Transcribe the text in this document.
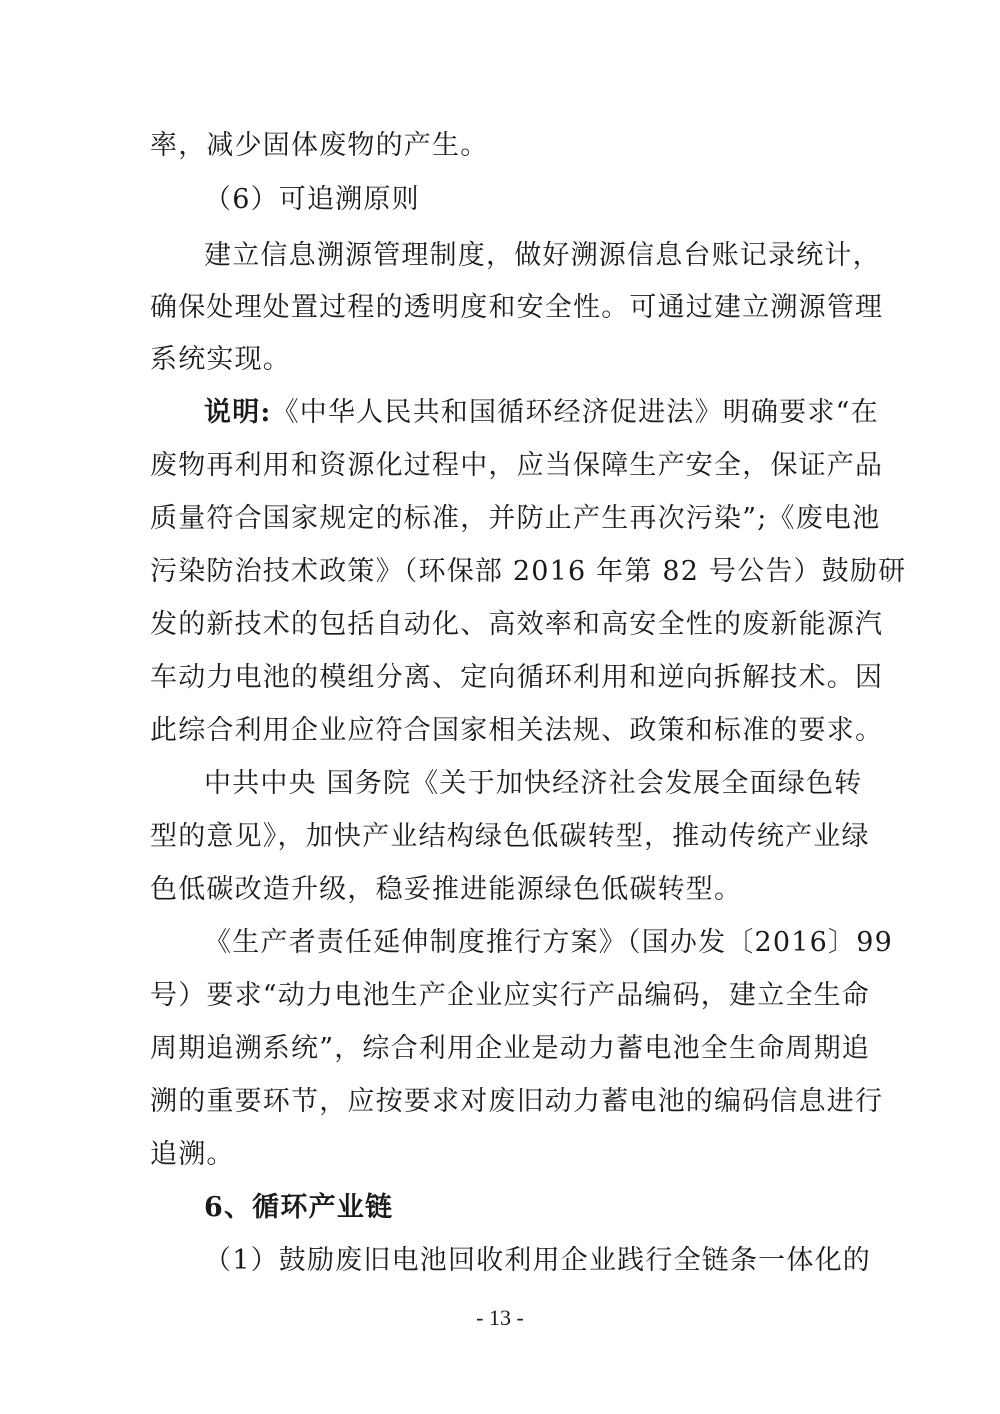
率，减少固体废物的产生。
（6）可追溯原则
建立信息溯源管理制度，做好溯源信息台账记录统计，
确保处理处置过程的透明度和安全性。可通过建立溯源管理
系统实现。
说明:《中华人民共和国循环经济促进法》明确要求“在
废物再利用和资源化过程中，应当保障生产安全，保证产品
质量符合国家规定的标准，并防止产生再次污染”;《废电池
污染防治技术政策》（环保部 2016 年第 82 号公告）鼓励研
发的新技术的包括自动化、高效率和高安全性的废新能源汽
车动力电池的模组分离、定向循环利用和逆向拆解技术。因
此综合利用企业应符合国家相关法规、政策和标准的要求。
中共中央 国务院《关于加快经济社会发展全面绿色转
型的意见》，加快产业结构绿色低碳转型，推动传统产业绿
色低碳改造升级，稳妥推进能源绿色低碳转型。
《生产者责任延伸制度推行方案》（国办发〔2016〕99
号）要求“动力电池生产企业应实行产品编码，建立全生命
周期追溯系统”，综合利用企业是动力蓄电池全生命周期追
溯的重要环节，应按要求对废旧动力蓄电池的编码信息进行
追溯。
6、循环产业链
（1）鼓励废旧电池回收利用企业践行全链条一体化的
- 13 -
